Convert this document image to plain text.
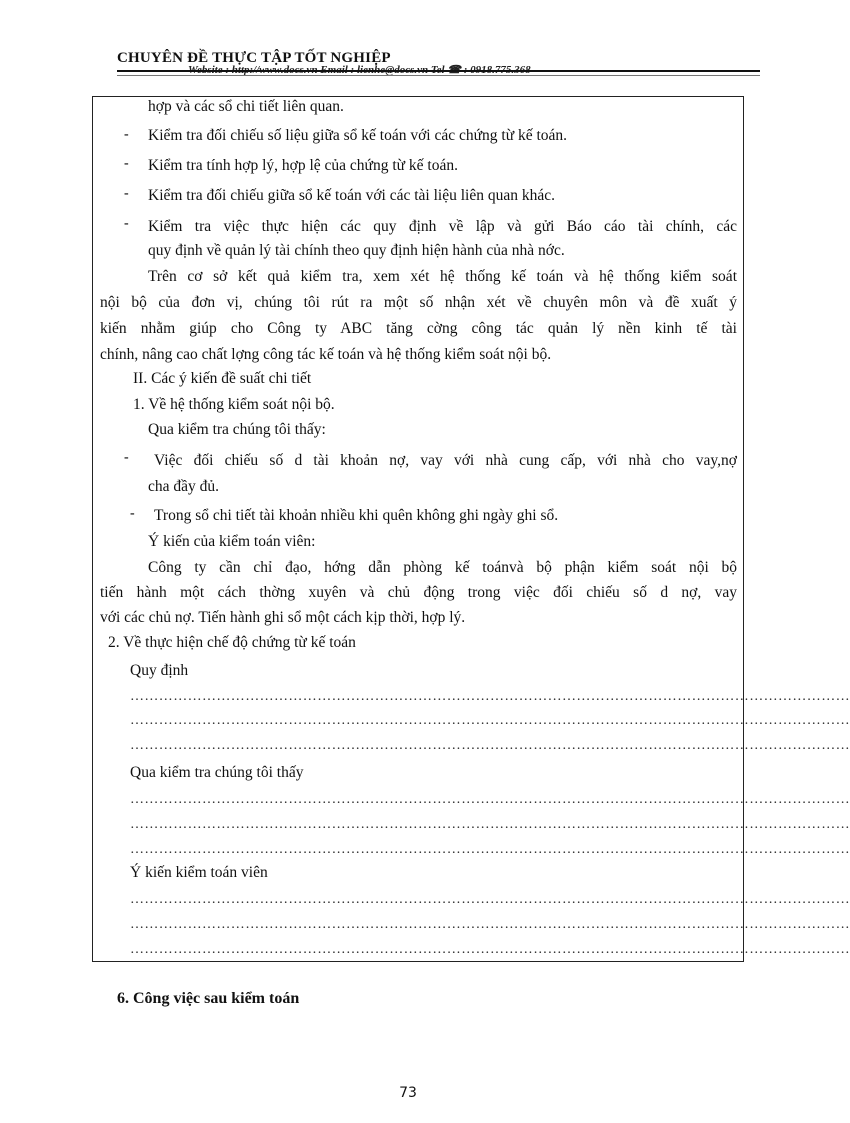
CHUYÊN ĐỀ THỰC TẬP TỐT NGHIỆP
Website : http://www.docs.vn Email : lienhe@docs.vn Tel ☎ : 0918.775.368
hợp và các sổ chi tiết liên quan.
- Kiểm tra đối chiếu số liệu giữa sổ kế toán với các chứng từ kế toán.
- Kiểm tra tính hợp lý, hợp lệ của chứng từ kế toán.
- Kiểm tra đối chiếu giữa sổ kế toán với các tài liệu liên quan khác.
- Kiểm tra việc thực hiện các quy định về lập và gửi Báo cáo tài chính, các
quy định về quản lý tài chính theo quy định hiện hành của nhà nớc.
Trên cơ sở kết quả kiểm tra, xem xét hệ thống kế toán và hệ thống kiểm soát
nội bộ của đơn vị, chúng tôi rút ra một số nhận xét về chuyên môn và đề xuất ý
kiến nhằm giúp cho Công ty ABC tăng cờng công tác quản lý nền kinh tế tài
chính, nâng cao chất lợng công tác kế toán và hệ thống kiểm soát nội bộ.
II. Các ý kiến đề suất chi tiết
1. Về hệ thống kiểm soát nội bộ.
Qua kiểm tra chúng tôi thấy:
- Việc đối chiếu số d tài khoản nợ, vay với nhà cung cấp, với nhà cho vay,nợ
cha đầy đủ.
- Trong sổ chi tiết tài khoản nhiều khi quên không ghi ngày ghi sổ.
Ý kiến của kiểm toán viên:
Công ty cần chỉ đạo, hớng dẫn phòng kế toánvà bộ phận kiểm soát nội bộ
tiến hành một cách thờng xuyên và chủ động trong việc đối chiếu số d nợ, vay
với các chủ nợ. Tiến hành ghi sổ một cách kịp thời, hợp lý.
2. Về thực hiện chế độ chứng từ kế toán
Quy định
……………………………………………………………………………………………………………………………………
……………………………………………………………………………………………………………………………………
……………………………………………………………………………………………………………………………………
Qua kiểm tra chúng tôi thấy
……………………………………………………………………………………………………………………………………
……………………………………………………………………………………………………………………………………
……………………………………………………………………………………………………………………………………
Ý kiến kiểm toán viên
……………………………………………………………………………………………………………………………………
……………………………………………………………………………………………………………………………………
……………………………………………………………………………………………………………………………………
6. Công việc sau kiểm toán
73
